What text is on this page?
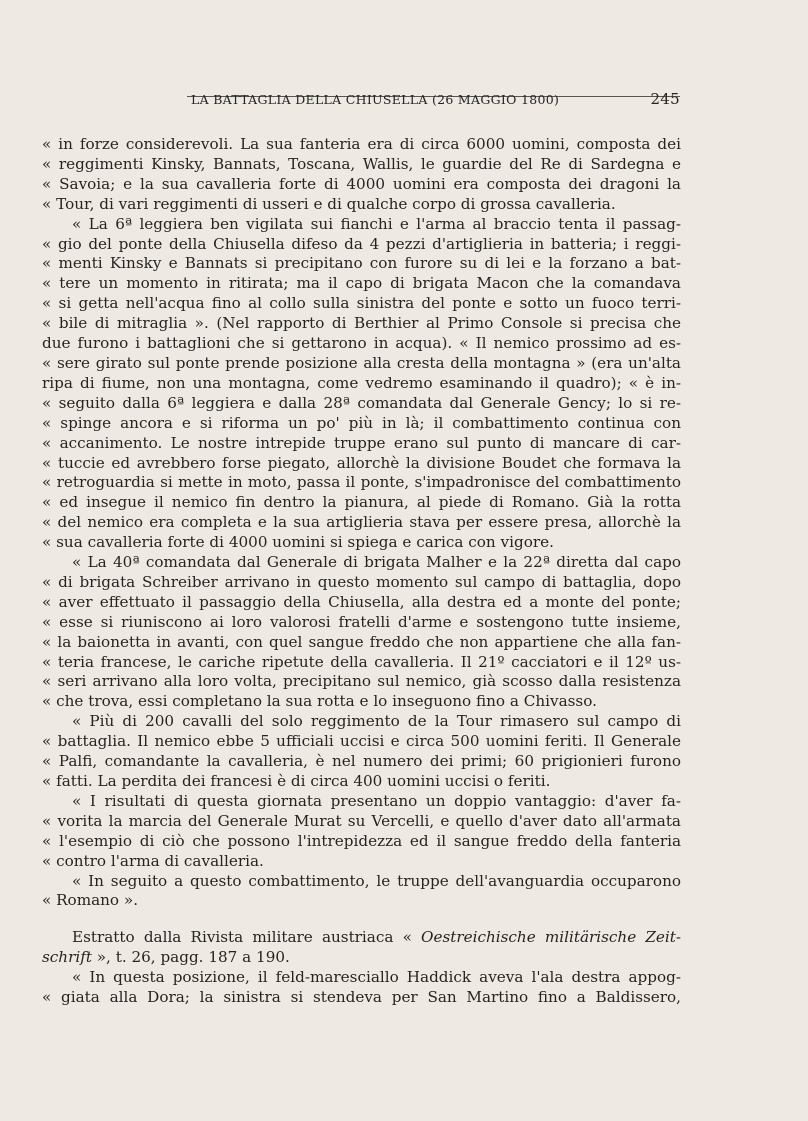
LA BATTAGLIA DELLA CHIUSELLA (26 MAGGIO 1800)	245
« in forze considerevoli. La sua fanteria era di circa 6000 uomini, composta dei
« reggimenti Kinsky, Bannats, Toscana, Wallis, le guardie del Re di Sardegna e
« Savoia; e la sua cavalleria forte di 4000 uomini era composta dei dragoni la
« Tour, di vari reggimenti di usseri e di qualche corpo di grossa cavalleria.
« La 6ª leggiera ben vigilata sui fianchi e l'arma al braccio tenta il passag-
« gio del ponte della Chiusella difeso da 4 pezzi d'artiglieria in batteria; i reggi-
« menti Kinsky e Bannats si precipitano con furore su di lei e la forzano a bat-
« tere un momento in ritirata; ma il capo di brigata Macon che la comandava
« si getta nell'acqua fino al collo sulla sinistra del ponte e sotto un fuoco terri-
« bile di mitraglia ». (Nel rapporto di Berthier al Primo Console si precisa che
due furono i battaglioni che si gettarono in acqua). « Il nemico prossimo ad es-
« sere girato sul ponte prende posizione alla cresta della montagna » (era un'alta
ripa di fiume, non una montagna, come vedremo esaminando il quadro); « è in-
« seguito dalla 6ª leggiera e dalla 28ª comandata dal Generale Gency; lo si re-
« spinge ancora e si riforma un po' più in là; il combattimento continua con
« accanimento. Le nostre intrepide truppe erano sul punto di mancare di car-
« tuccie ed avrebbero forse piegato, allorchè la divisione Boudet che formava la
« retroguardia si mette in moto, passa il ponte, s'impadronisce del combattimento
« ed insegue il nemico fin dentro la pianura, al piede di Romano. Già la rotta
« del nemico era completa e la sua artiglieria stava per essere presa, allorchè la
« sua cavalleria forte di 4000 uomini si spiega e carica con vigore.
« La 40ª comandata dal Generale di brigata Malher e la 22ª diretta dal capo
« di brigata Schreiber arrivano in questo momento sul campo di battaglia, dopo
« aver effettuato il passaggio della Chiusella, alla destra ed a monte del ponte;
« esse si riuniscono ai loro valorosi fratelli d'arme e sostengono tutte insieme,
« la baionetta in avanti, con quel sangue freddo che non appartiene che alla fan-
« teria francese, le cariche ripetute della cavalleria. Il 21º cacciatori e il 12º us-
« seri arrivano alla loro volta, precipitano sul nemico, già scosso dalla resistenza
« che trova, essi completano la sua rotta e lo inseguono fino a Chivasso.
« Più di 200 cavalli del solo reggimento de la Tour rimasero sul campo di
« battaglia. Il nemico ebbe 5 ufficiali uccisi e circa 500 uomini feriti. Il Generale
« Palfi, comandante la cavalleria, è nel numero dei primi; 60 prigionieri furono
« fatti. La perdita dei francesi è di circa 400 uomini uccisi o feriti.
« I risultati di questa giornata presentano un doppio vantaggio: d'aver fa-
« vorita la marcia del Generale Murat su Vercelli, e quello d'aver dato all'armata
« l'esempio di ciò che possono l'intrepidezza ed il sangue freddo della fanteria
« contro l'arma di cavalleria.
« In seguito a questo combattimento, le truppe dell'avanguardia occuparono
« Romano ».
Estratto dalla Rivista militare austriaca « Oestreichische militärische Zeit-
schrift », t. 26, pagg. 187 a 190.
« In questa posizione, il feld-maresciallo Haddick aveva l'ala destra appog-
« giata alla Dora; la sinistra si stendeva per San Martino fino a Baldissero,
